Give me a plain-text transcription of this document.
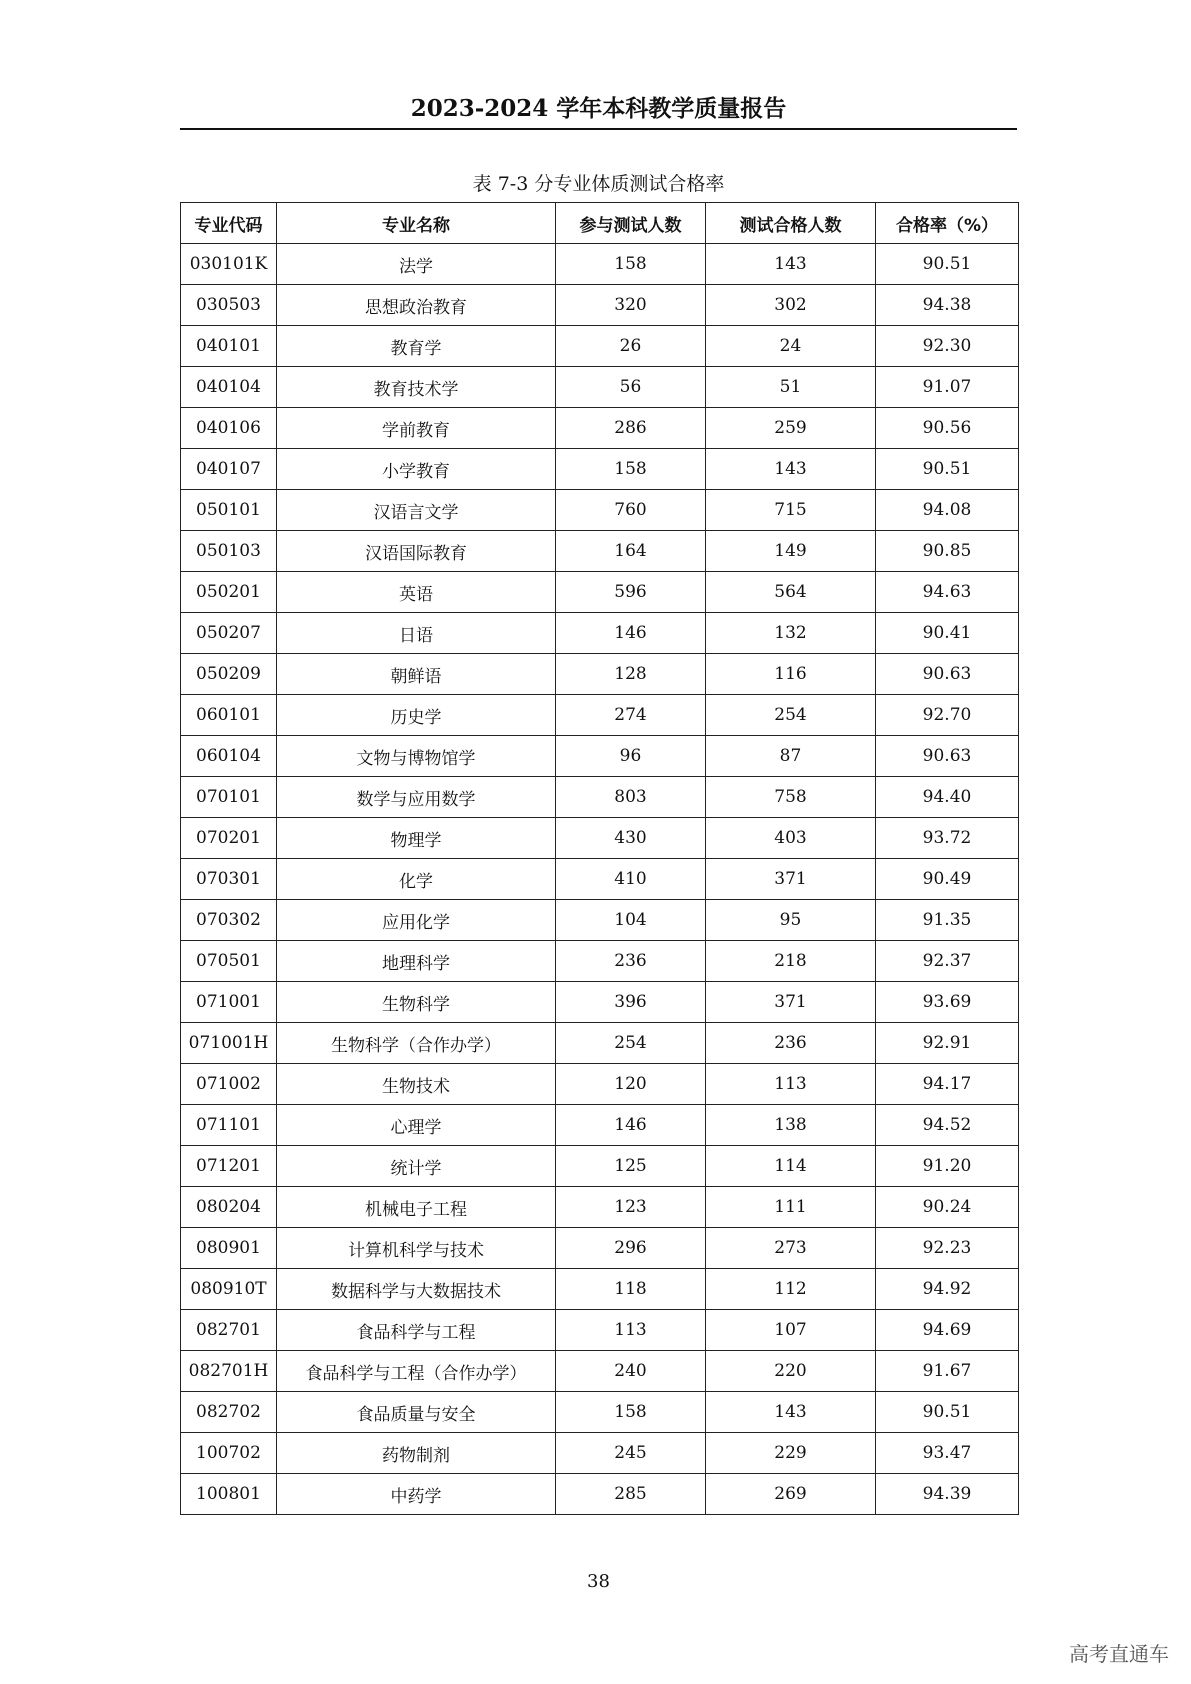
2023-2024 学年本科教学质量报告
表 7-3 分专业体质测试合格率
专业代码	专业名称	参与测试人数	测试合格人数	合格率（%）
030101K	法学	158	143	90.51
030503	思想政治教育	320	302	94.38
040101	教育学	26	24	92.30
040104	教育技术学	56	51	91.07
040106	学前教育	286	259	90.56
040107	小学教育	158	143	90.51
050101	汉语言文学	760	715	94.08
050103	汉语国际教育	164	149	90.85
050201	英语	596	564	94.63
050207	日语	146	132	90.41
050209	朝鲜语	128	116	90.63
060101	历史学	274	254	92.70
060104	文物与博物馆学	96	87	90.63
070101	数学与应用数学	803	758	94.40
070201	物理学	430	403	93.72
070301	化学	410	371	90.49
070302	应用化学	104	95	91.35
070501	地理科学	236	218	92.37
071001	生物科学	396	371	93.69
071001H	生物科学（合作办学）	254	236	92.91
071002	生物技术	120	113	94.17
071101	心理学	146	138	94.52
071201	统计学	125	114	91.20
080204	机械电子工程	123	111	90.24
080901	计算机科学与技术	296	273	92.23
080910T	数据科学与大数据技术	118	112	94.92
082701	食品科学与工程	113	107	94.69
082701H	食品科学与工程（合作办学）	240	220	91.67
082702	食品质量与安全	158	143	90.51
100702	药物制剂	245	229	93.47
100801	中药学	285	269	94.39
38
高考直通车
